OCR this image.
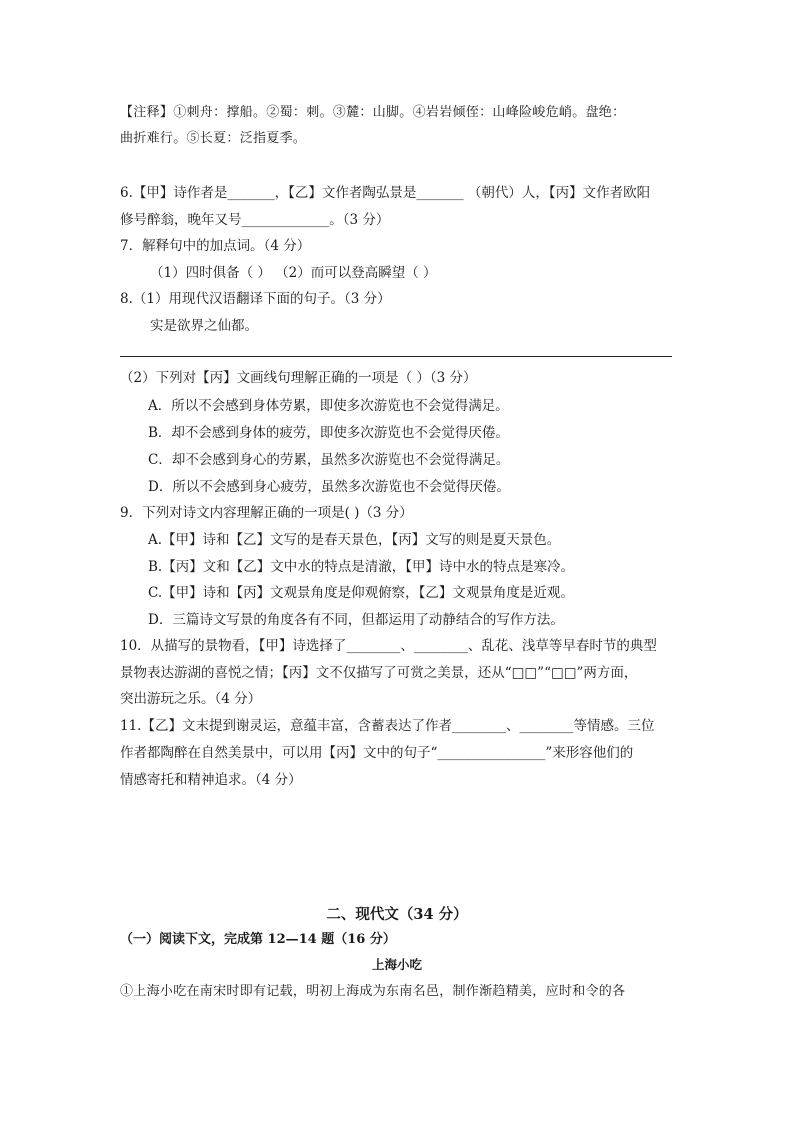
【注释】①刺舟：撑船。②蜀：刺。③麓：山脚。④岩岩倾侄：山峰险峻危峭。盘绝：
曲折难行。⑤长夏：泛指夏季。
6.【甲】诗作者是_______，【乙】文作者陶弘景是_______ （朝代）人，【丙】文作者欧阳
修号醉翁，晚年又号_____________。（3 分）
7．解释句中的加点词。（4 分）
（1）四时俱备（ ） （2）而可以登高瞬望（ ）
8.（1）用现代汉语翻译下面的句子。（3 分）
实是欲界之仙都。
（2）下列对【丙】文画线句理解正确的一项是（ ）（3 分）
A．所以不会感到身体劳累，即使多次游览也不会觉得满足。
B．却不会感到身体的疲劳，即使多次游览也不会觉得厌倦。
C．却不会感到身心的劳累，虽然多次游览也不会觉得满足。
D．所以不会感到身心疲劳，虽然多次游览也不会觉得厌倦。
9．下列对诗文内容理解正确的一项是( )（3 分）
A.【甲】诗和【乙】文写的是春天景色，【丙】文写的则是夏天景色。
B.【丙】文和【乙】文中水的特点是清澈，【甲】诗中水的特点是寒冷。
C.【甲】诗和【丙】文观景角度是仰观俯察，【乙】文观景角度是近观。
D．三篇诗文写景的角度各有不同，但都运用了动静结合的写作方法。
10．从描写的景物看，【甲】诗选择了________、________、乱花、浅草等早春时节的典型
景物表达游湖的喜悦之情；【丙】文不仅描写了可赏之美景，还从“□□”“□□”两方面，
突出游玩之乐。（4 分）
11.【乙】文末提到谢灵运，意蕴丰富，含蓄表达了作者________、________等情感。三位
作者都陶醉在自然美景中，可以用【丙】文中的句子“________________”来形容他们的
情感寄托和精神追求。（4 分）
二、现代文（34 分）
（一）阅读下文，完成第 12—14 题（16 分）
上海小吃
①上海小吃在南宋时即有记载，明初上海成为东南名邑，制作渐趋精美，应时和令的各
